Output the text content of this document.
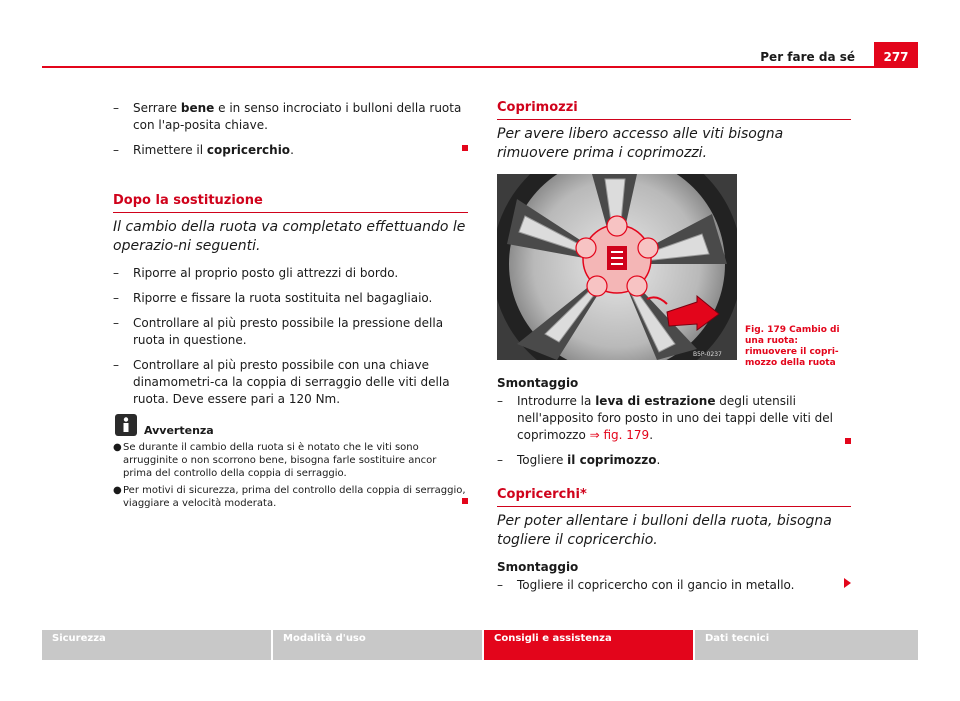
Per fare da sé	277

– Serrare bene e in senso incrociato i bulloni della ruota con l'ap-posita chiave.

– Rimettere il copricerchio.

Dopo la sostituzione
Il cambio della ruota va completato effettuando le operazio-ni seguenti.

– Riporre al proprio posto gli attrezzi di bordo.

– Riporre e fissare la ruota sostituita nel bagagliaio.

– Controllare al più presto possibile la pressione della ruota in questione.

– Controllare al più presto possibile con una chiave dinamometri-ca la coppia di serraggio delle viti della ruota. Deve essere pari a 120 Nm.

Avvertenza

● Se durante il cambio della ruota si è notato che le viti sono arrugginite o non scorrono bene, bisogna farle sostituire ancor prima del controllo della coppia di serraggio.

● Per motivi di sicurezza, prima del controllo della coppia di serraggio, viaggiare a velocità moderata.

Coprimozzi
Per avere libero accesso alle viti bisogna rimuovere prima i coprimozzi.
B5P-0237
Fig. 179 Cambio di una ruota: rimuovere il copri-mozzo della ruota
Smontaggio

– Introdurre la leva di estrazione degli utensili nell'apposito foro posto in uno dei tappi delle viti del coprimozzo ⇒ fig. 179.

– Togliere il coprimozzo.

Copricerchi*
Per poter allentare i bulloni della ruota, bisogna togliere il copricerchio.
Smontaggio

– Togliere il copricercho con il gancio in metallo.

Sicurezza	Modalità d'uso	Consigli e assistenza	Dati tecnici
